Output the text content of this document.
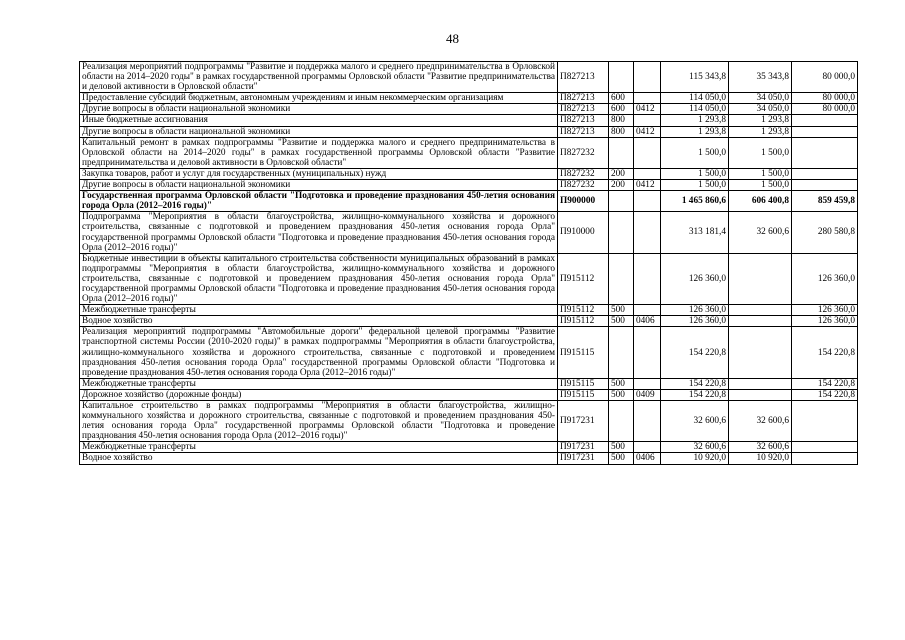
48
Реализация мероприятий подпрограммы "Развитие и поддержка малого и среднего предпринимательства в Орловской области на 2014–2020 годы" в рамках государственной программы Орловской области "Развитие предпринимательства и деловой активности в Орловской области"	П827213			115 343,8	35 343,8	80 000,0
Предоставление субсидий бюджетным, автономным учреждениям и иным некоммерческим организациям	П827213	600		114 050,0	34 050,0	80 000,0
Другие вопросы в области национальной экономики	П827213	600	0412	114 050,0	34 050,0	80 000,0
Иные бюджетные ассигнования	П827213	800		1 293,8	1 293,8	
Другие вопросы в области национальной экономики	П827213	800	0412	1 293,8	1 293,8	
Капитальный ремонт в рамках подпрограммы "Развитие и поддержка малого и среднего предпринимательства в Орловской области на 2014–2020 годы" в рамках государственной программы Орловской области "Развитие предпринимательства и деловой активности в Орловской области"	П827232			1 500,0	1 500,0	
Закупка товаров, работ и услуг для государственных (муниципальных) нужд	П827232	200		1 500,0	1 500,0	
Другие вопросы в области национальной экономики	П827232	200	0412	1 500,0	1 500,0	
Государственная программа Орловской области "Подготовка и проведение празднования 450-летия основания города Орла (2012–2016 годы)"	П900000			1 465 860,6	606 400,8	859 459,8
Подпрограмма "Мероприятия в области благоустройства, жилищно-коммунального хозяйства и дорожного строительства, связанные с подготовкой и проведением празднования 450-летия основания города Орла" государственной программы Орловской области "Подготовка и проведение празднования 450-летия основания города Орла (2012–2016 годы)"	П910000			313 181,4	32 600,6	280 580,8
Бюджетные инвестиции в объекты капитального строительства собственности муниципальных образований в рамках подпрограммы "Мероприятия в области благоустройства, жилищно-коммунального хозяйства и дорожного строительства, связанные с подготовкой и проведением празднования 450-летия основания города Орла" государственной программы Орловской области "Подготовка и проведение празднования 450-летия основания города Орла (2012–2016 годы)"	П915112			126 360,0		126 360,0
Межбюджетные трансферты	П915112	500		126 360,0		126 360,0
Водное хозяйство	П915112	500	0406	126 360,0		126 360,0
Реализация мероприятий подпрограммы "Автомобильные дороги" федеральной целевой программы "Развитие транспортной системы России (2010-2020 годы)" в рамках подпрограммы "Мероприятия в области благоустройства, жилищно-коммунального хозяйства и дорожного строительства, связанные с подготовкой и проведением празднования 450-летия основания города Орла" государственной программы Орловской области "Подготовка и проведение празднования 450-летия основания города Орла (2012–2016 годы)"	П915115			154 220,8		154 220,8
Межбюджетные трансферты	П915115	500		154 220,8		154 220,8
Дорожное хозяйство (дорожные фонды)	П915115	500	0409	154 220,8		154 220,8
Капитальное строительство в рамках подпрограммы "Мероприятия в области благоустройства, жилищно-коммунального хозяйства и дорожного строительства, связанные с подготовкой и проведением празднования 450-летия основания города Орла" государственной программы Орловской области "Подготовка и проведение празднования 450-летия основания города Орла (2012–2016 годы)"	П917231			32 600,6	32 600,6	
Межбюджетные трансферты	П917231	500		32 600,6	32 600,6	
Водное хозяйство	П917231	500	0406	10 920,0	10 920,0	
